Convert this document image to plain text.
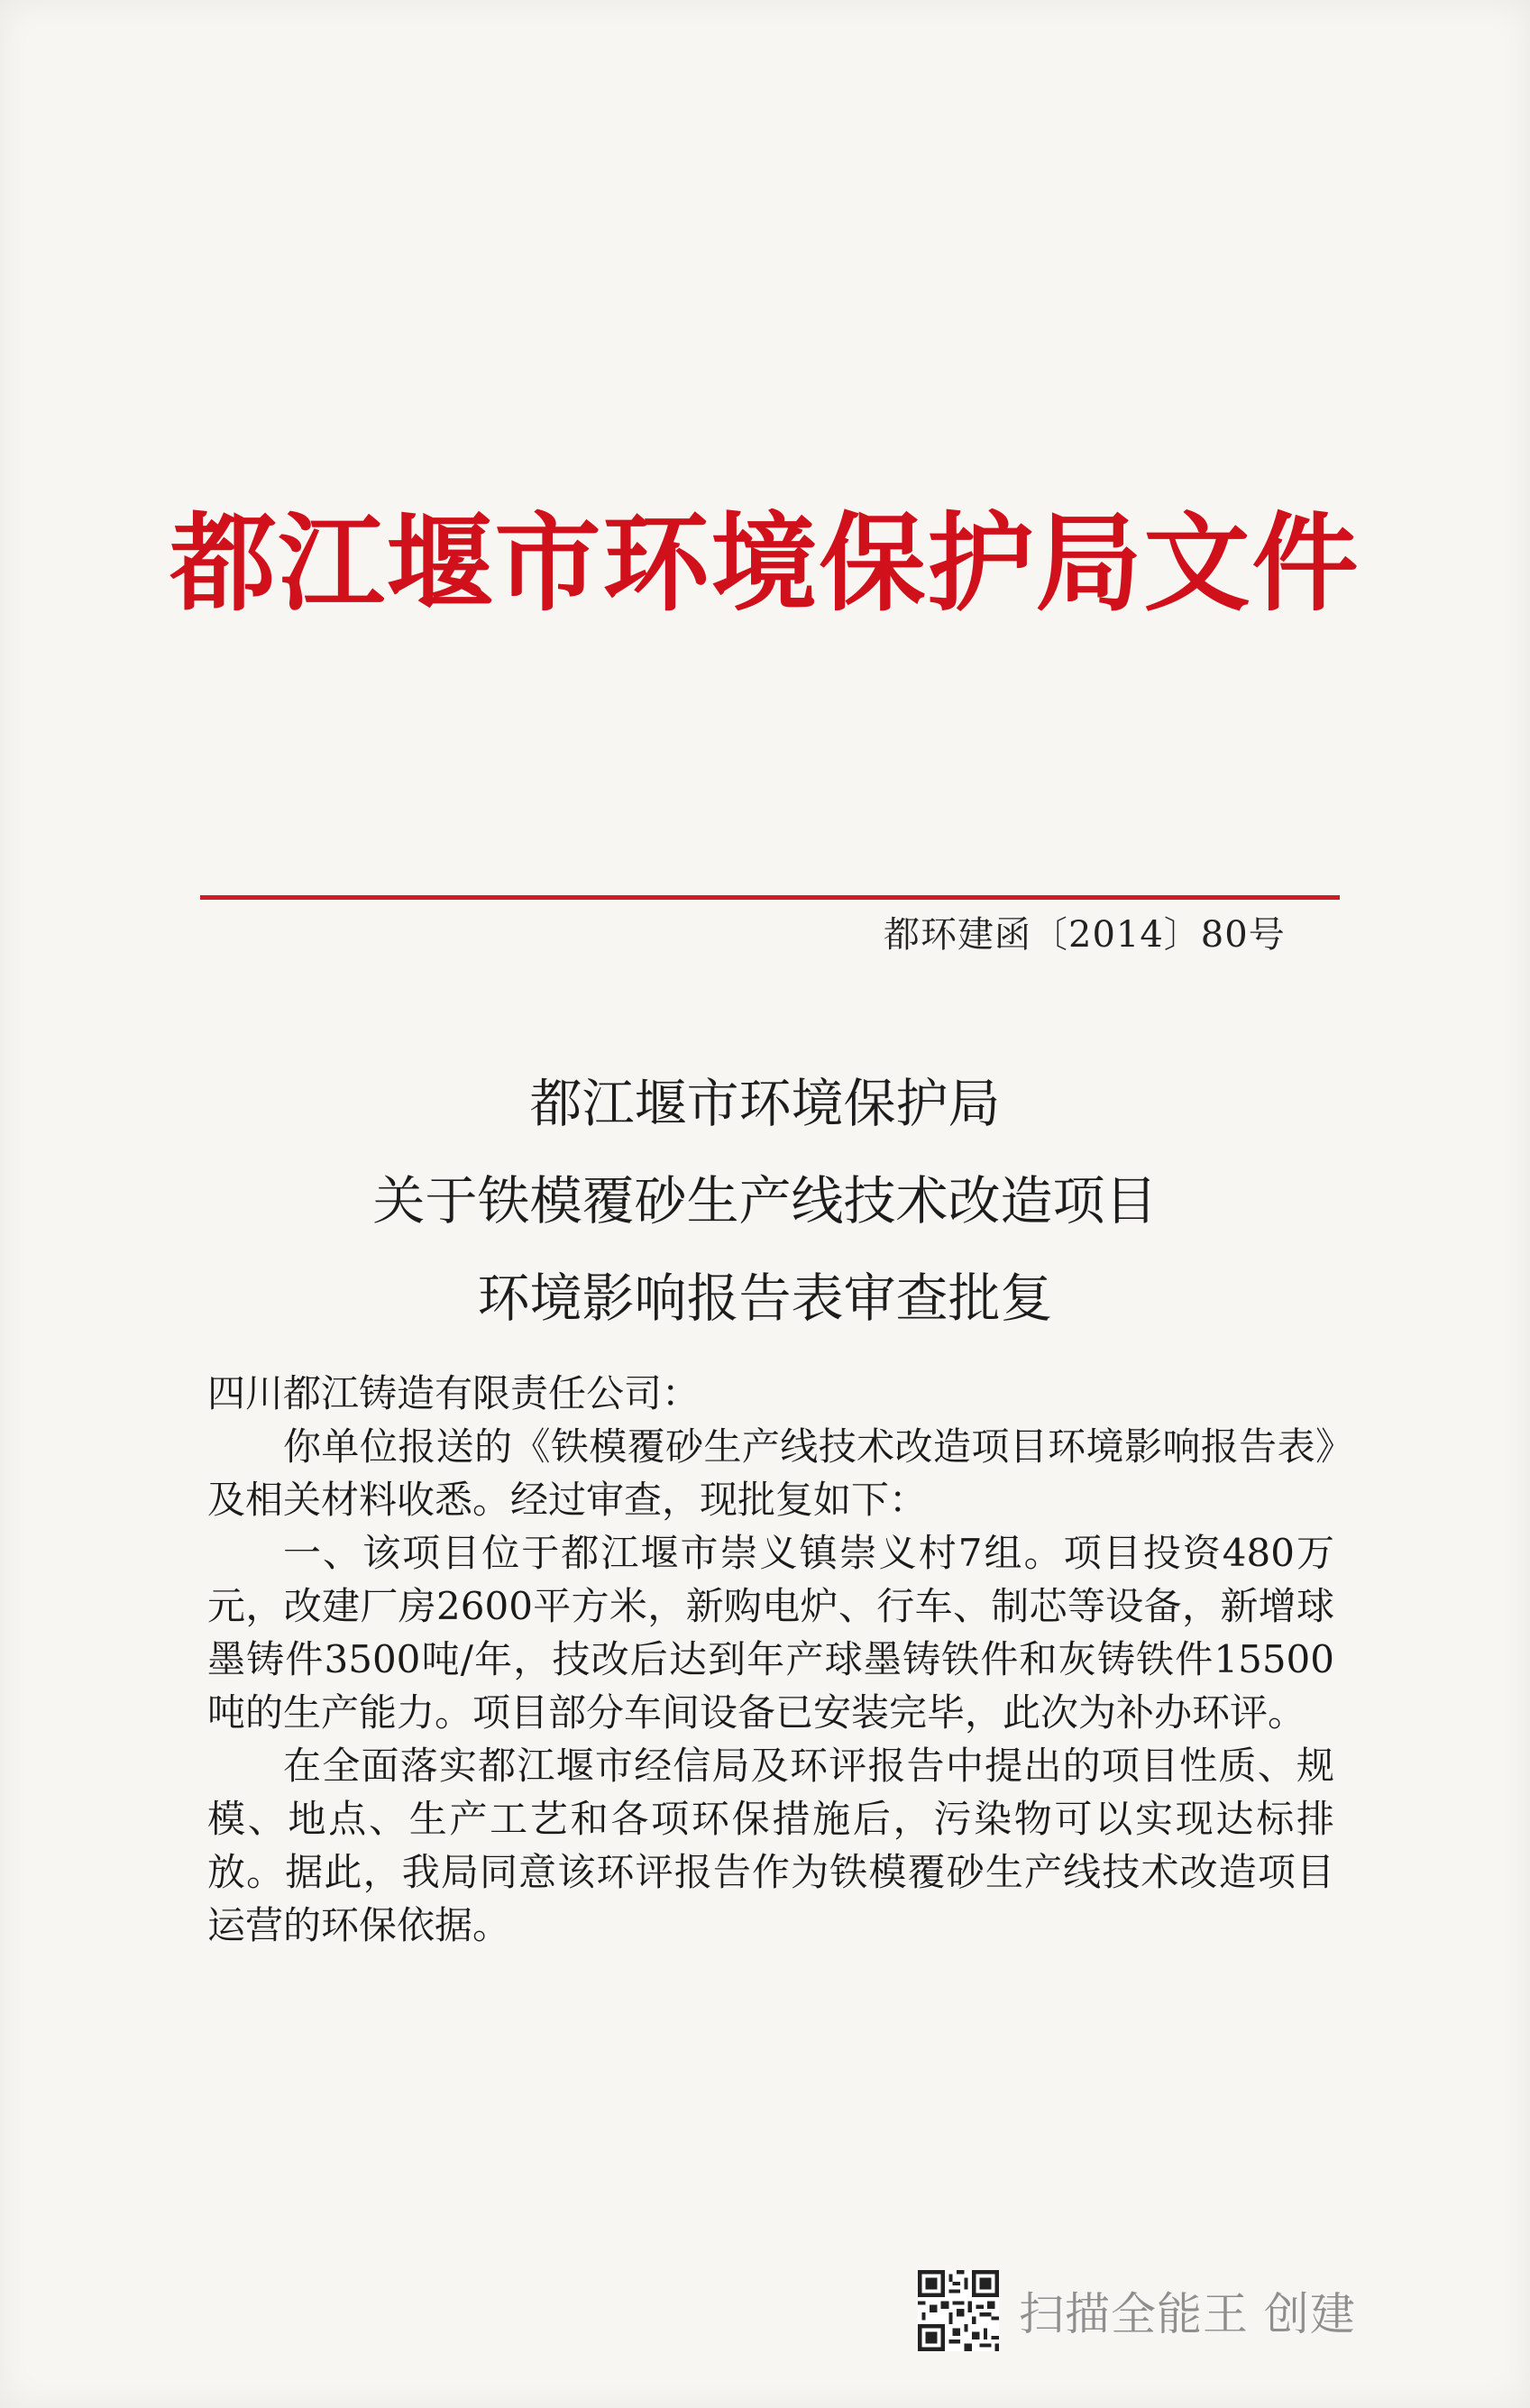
都江堰市环境保护局文件
都环建函〔2014〕80号
都江堰市环境保护局
关于铁模覆砂生产线技术改造项目
环境影响报告表审查批复

四川都江铸造有限责任公司：

你单位报送的《铁模覆砂生产线技术改造项目环境影响报告表》及相关材料收悉。经过审查，现批复如下：

一、该项目位于都江堰市崇义镇崇义村7组。项目投资480万元，改建厂房2600平方米，新购电炉、行车、制芯等设备，新增球墨铸件3500吨/年，技改后达到年产球墨铸铁件和灰铸铁件15500吨的生产能力。项目部分车间设备已安装完毕，此次为补办环评。

在全面落实都江堰市经信局及环评报告中提出的项目性质、规模、地点、生产工艺和各项环保措施后，污染物可以实现达标排放。据此，我局同意该环评报告作为铁模覆砂生产线技术改造项目运营的环保依据。

扫描全能王 创建
